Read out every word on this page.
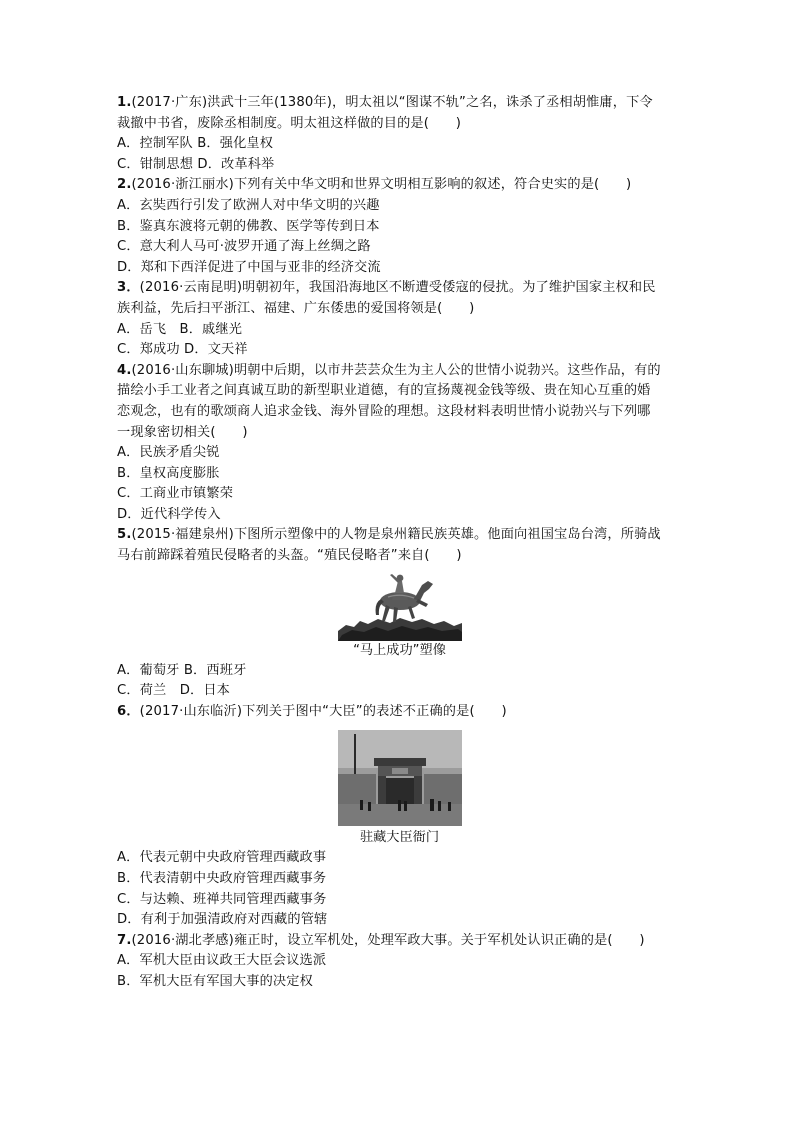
1.(2017·广东)洪武十三年(1380年)，明太祖以“图谋不轨”之名，诛杀了丞相胡惟庸，下令
裁撤中书省，废除丞相制度。明太祖这样做的目的是(　　)
A．控制军队 B．强化皇权
C．钳制思想 D．改革科举
2.(2016·浙江丽水)下列有关中华文明和世界文明相互影响的叙述，符合史实的是(　　)
A．玄奘西行引发了欧洲人对中华文明的兴趣
B．鉴真东渡将元朝的佛教、医学等传到日本
C．意大利人马可·波罗开通了海上丝绸之路
D．郑和下西洋促进了中国与亚非的经济交流
3．(2016·云南昆明)明朝初年，我国沿海地区不断遭受倭寇的侵扰。为了维护国家主权和民
族利益，先后扫平浙江、福建、广东倭患的爱国将领是(　　)
A．岳飞　B．戚继光
C．郑成功 D．文天祥
4.(2016·山东聊城)明朝中后期，以市井芸芸众生为主人公的世情小说勃兴。这些作品，有的
描绘小手工业者之间真诚互助的新型职业道德，有的宣扬蔑视金钱等级、贵在知心互重的婚
恋观念，也有的歌颂商人追求金钱、海外冒险的理想。这段材料表明世情小说勃兴与下列哪
一现象密切相关(　　)
A．民族矛盾尖锐
B．皇权高度膨胀
C．工商业市镇繁荣
D．近代科学传入
5.(2015·福建泉州)下图所示塑像中的人物是泉州籍民族英雄。他面向祖国宝岛台湾，所骑战
马右前蹄踩着殖民侵略者的头盔。“殖民侵略者”来自(　　)
“马上成功”塑像
A．葡萄牙 B．西班牙
C．荷兰　D．日本
6．(2017·山东临沂)下列关于图中“大臣”的表述不正确的是(　　)
驻藏大臣衙门
A．代表元朝中央政府管理西藏政事
B．代表清朝中央政府管理西藏事务
C．与达赖、班禅共同管理西藏事务
D．有利于加强清政府对西藏的管辖
7.(2016·湖北孝感)雍正时，设立军机处，处理军政大事。关于军机处认识正确的是(　　)
A．军机大臣由议政王大臣会议选派
B．军机大臣有军国大事的决定权
